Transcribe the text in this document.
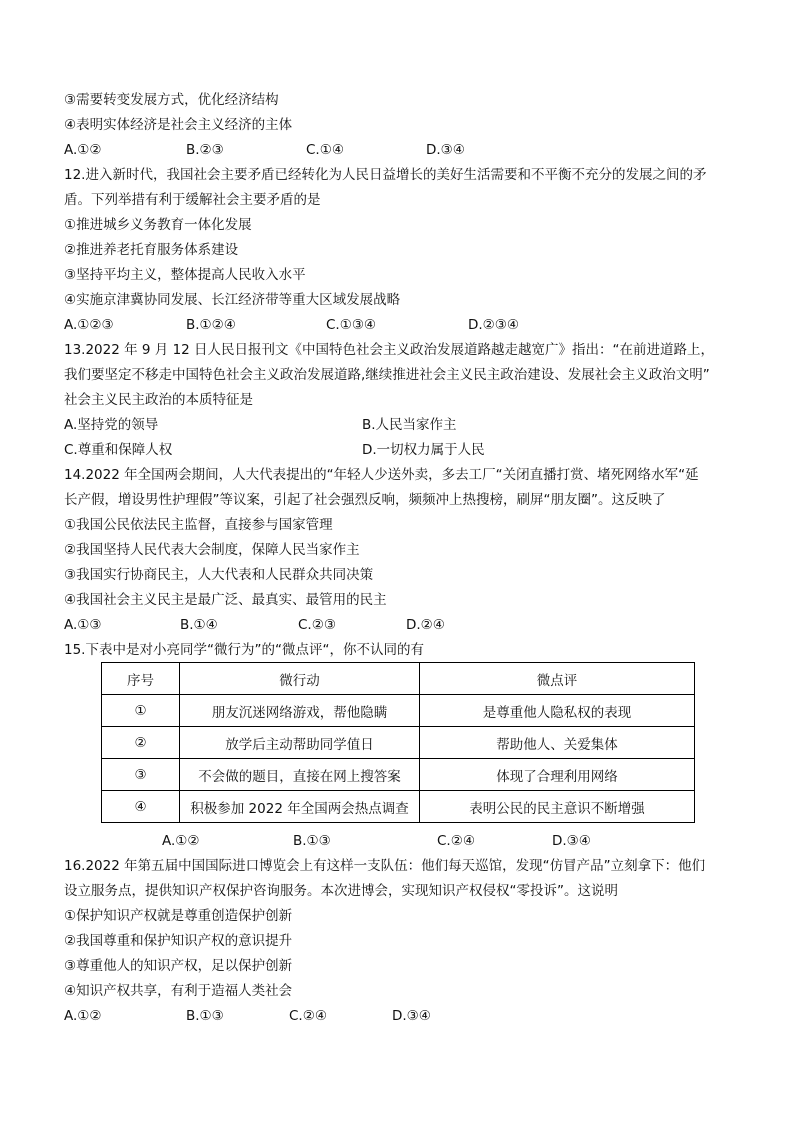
③需要转变发展方式，优化经济结构
④表明实体经济是社会主义经济的主体
A.①②	B.②③	C.①④	D.③④
12.进入新时代，我国社会主要矛盾已经转化为人民日益增长的美好生活需要和不平衡不充分的发展之间的矛
盾。下列举措有利于缓解社会主要矛盾的是
①推进城乡义务教育一体化发展
②推进养老托育服务体系建设
③坚持平均主义，整体提高人民收入水平
④实施京津冀协同发展、长江经济带等重大区域发展战略
A.①②③	B.①②④	C.①③④	D.②③④
13.2022 年 9 月 12 日人民日报刊文《中国特色社会主义政治发展道路越走越宽广》指出：“在前进道路上，
我们要坚定不移走中国特色社会主义政治发展道路,继续推进社会主义民主政治建设、发展社会主义政治文明”
社会主义民主政治的本质特征是
A.坚持党的领导	B.人民当家作主
C.尊重和保障人权	D.一切权力属于人民
14.2022 年全国两会期间，人大代表提出的“年轻人少送外卖，多去工厂“关闭直播打赏、堵死网络水军“延
长产假，增设男性护理假”等议案，引起了社会强烈反响，频频冲上热搜榜，刷屏“朋友圈”。这反映了
①我国公民依法民主监督，直接参与国家管理
②我国坚持人民代表大会制度，保障人民当家作主
③我国实行协商民主，人大代表和人民群众共同决策
④我国社会主义民主是最广泛、最真实、最管用的民主
A.①③	B.①④	C.②③	D.②④
15.下表中是对小亮同学“微行为”的“微点评“，你不认同的有
序号	微行动	微点评
①	朋友沉迷网络游戏，帮他隐瞒	是尊重他人隐私权的表现
②	放学后主动帮助同学值日	帮助他人、关爱集体
③	不会做的题目，直接在网上搜答案	体现了合理利用网络
④	积极参加 2022 年全国两会热点调查	表明公民的民主意识不断增强
A.①②	B.①③	C.②④	D.③④
16.2022 年第五届中国国际进口博览会上有这样一支队伍：他们每天巡馆，发现“仿冒产品”立刻拿下：他们
设立服务点，提供知识产权保护咨询服务。本次进博会，实现知识产权侵权“零投诉”。这说明
①保护知识产权就是尊重创造保护创新
②我国尊重和保护知识产权的意识提升
③尊重他人的知识产权，足以保护创新
④知识产权共享，有利于造福人类社会
A.①②	B.①③	C.②④	D.③④
